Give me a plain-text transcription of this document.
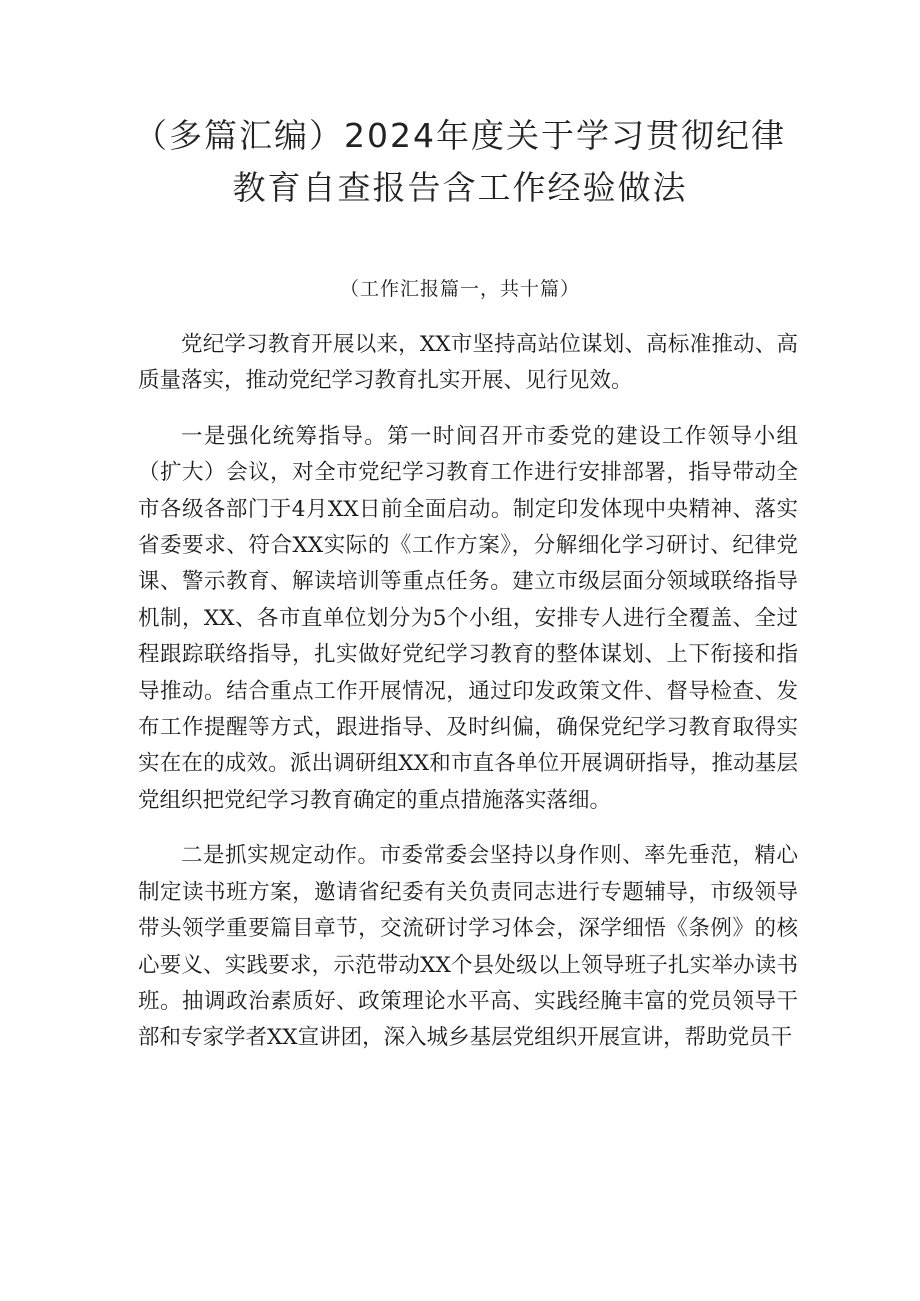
（多篇汇编）2024年度关于学习贯彻纪律
教育自查报告含工作经验做法
（工作汇报篇一，共十篇）

党纪学习教育开展以来，XX市坚持高站位谋划、高标准推动、高质量落实，推动党纪学习教育扎实开展、见行见效。

一是强化统筹指导。第一时间召开市委党的建设工作领导小组（扩大）会议，对全市党纪学习教育工作进行安排部署，指导带动全市各级各部门于4月XX日前全面启动。制定印发体现中央精神、落实省委要求、符合XX实际的《工作方案》，分解细化学习研讨、纪律党课、警示教育、解读培训等重点任务。建立市级层面分领域联络指导机制，XX、各市直单位划分为5个小组，安排专人进行全覆盖、全过程跟踪联络指导，扎实做好党纪学习教育的整体谋划、上下衔接和指导推动。结合重点工作开展情况，通过印发政策文件、督导检查、发布工作提醒等方式，跟进指导、及时纠偏，确保党纪学习教育取得实实在在的成效。派出调研组XX和市直各单位开展调研指导，推动基层党组织把党纪学习教育确定的重点措施落实落细。

二是抓实规定动作。市委常委会坚持以身作则、率先垂范，精心制定读书班方案，邀请省纪委有关负责同志进行专题辅导，市级领导带头领学重要篇目章节，交流研讨学习体会，深学细悟《条例》的核心要义、实践要求，示范带动XX个县处级以上领导班子扎实举办读书班。抽调政治素质好、政策理论水平高、实践经腌丰富的党员领导干部和专家学者XX宣讲团，深入城乡基层党组织开展宣讲，帮助党员干
